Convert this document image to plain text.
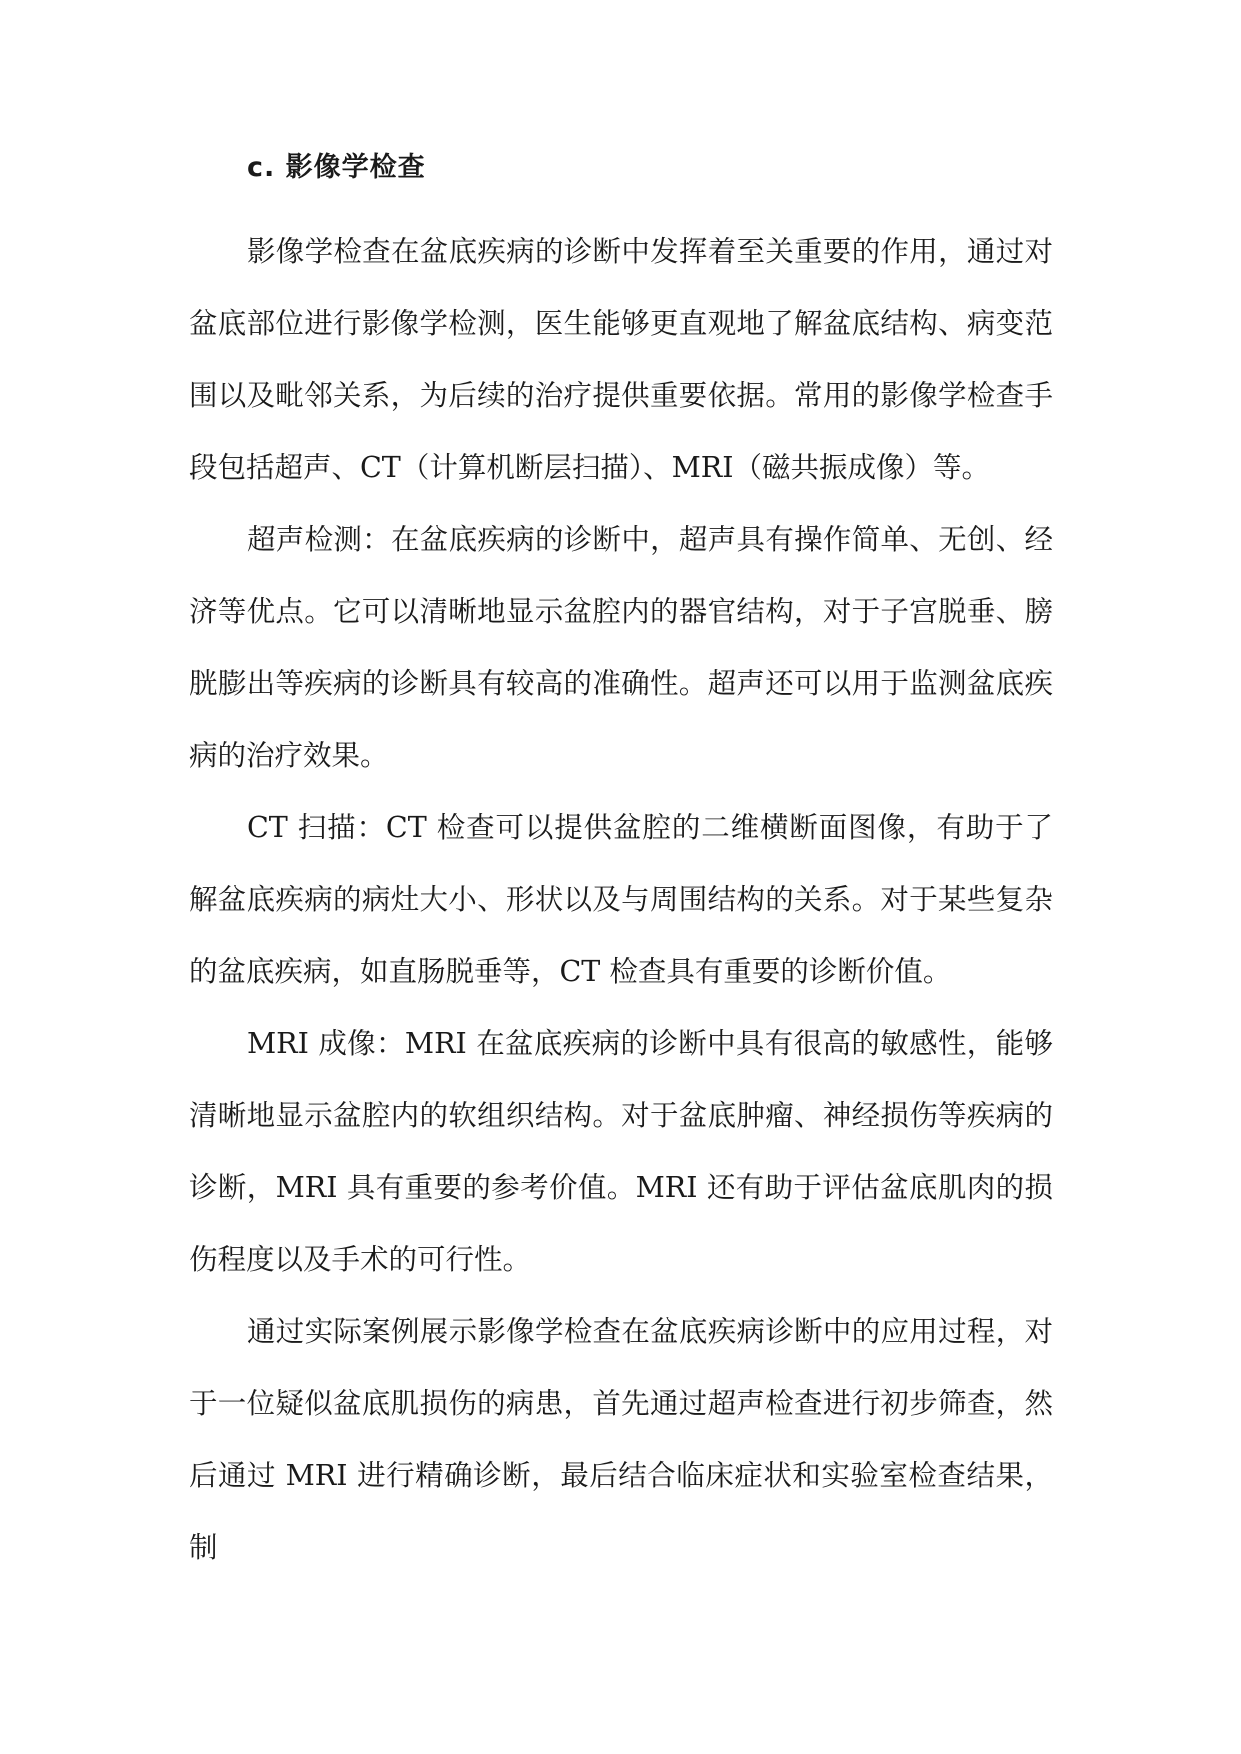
c. 影像学检查

影像学检查在盆底疾病的诊断中发挥着至关重要的作用，通过对盆底部位进行影像学检测，医生能够更直观地了解盆底结构、病变范围以及毗邻关系，为后续的治疗提供重要依据。常用的影像学检查手段包括超声、CT（计算机断层扫描）、MRI（磁共振成像）等。

超声检测：在盆底疾病的诊断中，超声具有操作简单、无创、经济等优点。它可以清晰地显示盆腔内的器官结构，对于子宫脱垂、膀胱膨出等疾病的诊断具有较高的准确性。超声还可以用于监测盆底疾病的治疗效果。

CT 扫描：CT 检查可以提供盆腔的二维横断面图像，有助于了解盆底疾病的病灶大小、形状以及与周围结构的关系。对于某些复杂的盆底疾病，如直肠脱垂等，CT 检查具有重要的诊断价值。

MRI 成像：MRI 在盆底疾病的诊断中具有很高的敏感性，能够清晰地显示盆腔内的软组织结构。对于盆底肿瘤、神经损伤等疾病的诊断，MRI 具有重要的参考价值。MRI 还有助于评估盆底肌肉的损伤程度以及手术的可行性。

通过实际案例展示影像学检查在盆底疾病诊断中的应用过程，对于一位疑似盆底肌损伤的病患，首先通过超声检查进行初步筛查，然后通过 MRI 进行精确诊断，最后结合临床症状和实验室检查结果，制
